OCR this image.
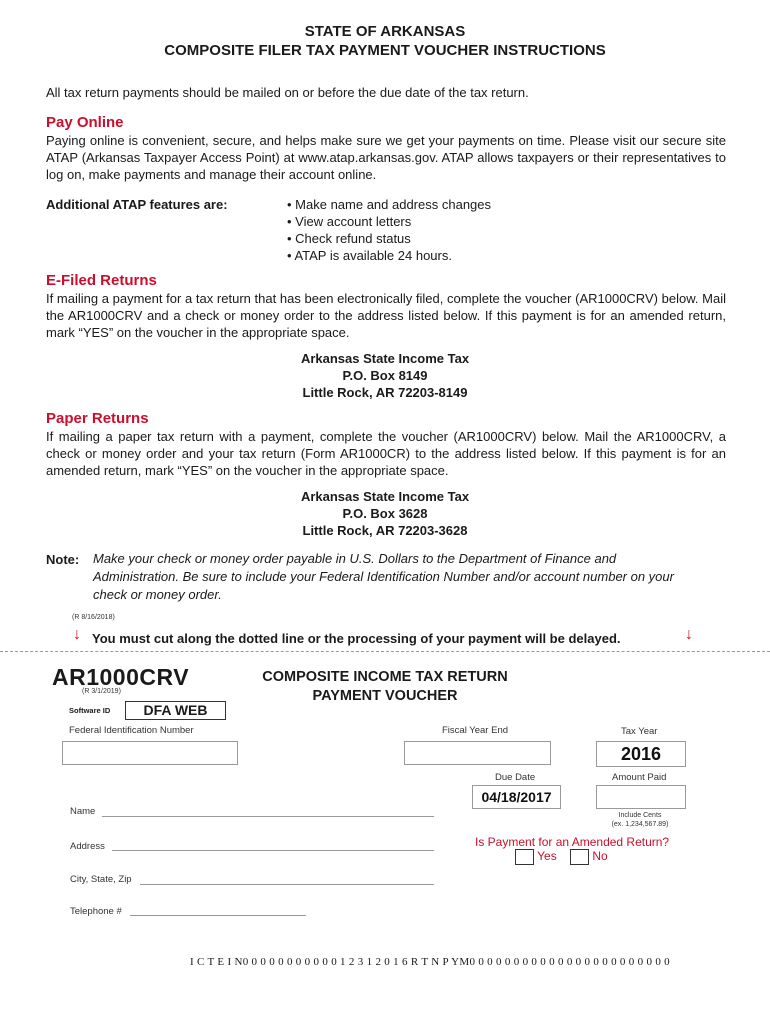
STATE OF ARKANSAS
COMPOSITE FILER TAX PAYMENT VOUCHER INSTRUCTIONS
All tax return payments should be mailed on or before the due date of the tax return.
Pay Online
Paying online is convenient, secure, and helps make sure we get your payments on time. Please visit our secure site ATAP (Arkansas Taxpayer Access Point) at www.atap.arkansas.gov. ATAP allows taxpayers or their representatives to log on, make payments and manage their account online.
Additional ATAP features are:	• Make name and address changes
• View account letters
• Check refund status
• ATAP is available 24 hours.
E-Filed Returns
If mailing a payment for a tax return that has been electronically filed, complete the voucher (AR1000CRV) below. Mail the AR1000CRV and a check or money order to the address listed below. If this payment is for an amended return, mark “YES” on the voucher in the appropriate space.
Arkansas State Income Tax
P.O. Box 8149
Little Rock, AR 72203-8149
Paper Returns
If mailing a paper tax return with a payment, complete the voucher (AR1000CRV) below. Mail the AR1000CRV, a check or money order and your tax return (Form AR1000CR) to the address listed below. If this payment is for an amended return, mark “YES” on the voucher in the appropriate space.
Arkansas State Income Tax
P.O. Box 3628
Little Rock, AR 72203-3628
Note: Make your check or money order payable in U.S. Dollars to the Department of Finance and Administration. Be sure to include your Federal Identification Number and/or account number on your check or money order.
(R 8/16/2018)
↓ You must cut along the dotted line or the processing of your payment will be delayed.	↓
AR1000CRV
(R 3/1/2019)
COMPOSITE INCOME TAX RETURN
PAYMENT VOUCHER
Software ID	DFA WEB
Federal Identification Number	Fiscal Year End	Tax Year
2016
Due Date
04/18/2017
Amount Paid
Include Cents
(ex. 1,234,567.89)
Name
Address	Is Payment for an Amended Return?
Yes	No
City, State, Zip
Telephone #
I C T E I N0 0 0 0 0 0 0 0 0 0 0 1 2 3 1 2 0 1 6 R T N P YM0 0 0 0 0 0 0 0 0 0 0 0 0 0 0 0 0 0 0 0 0 0 0
